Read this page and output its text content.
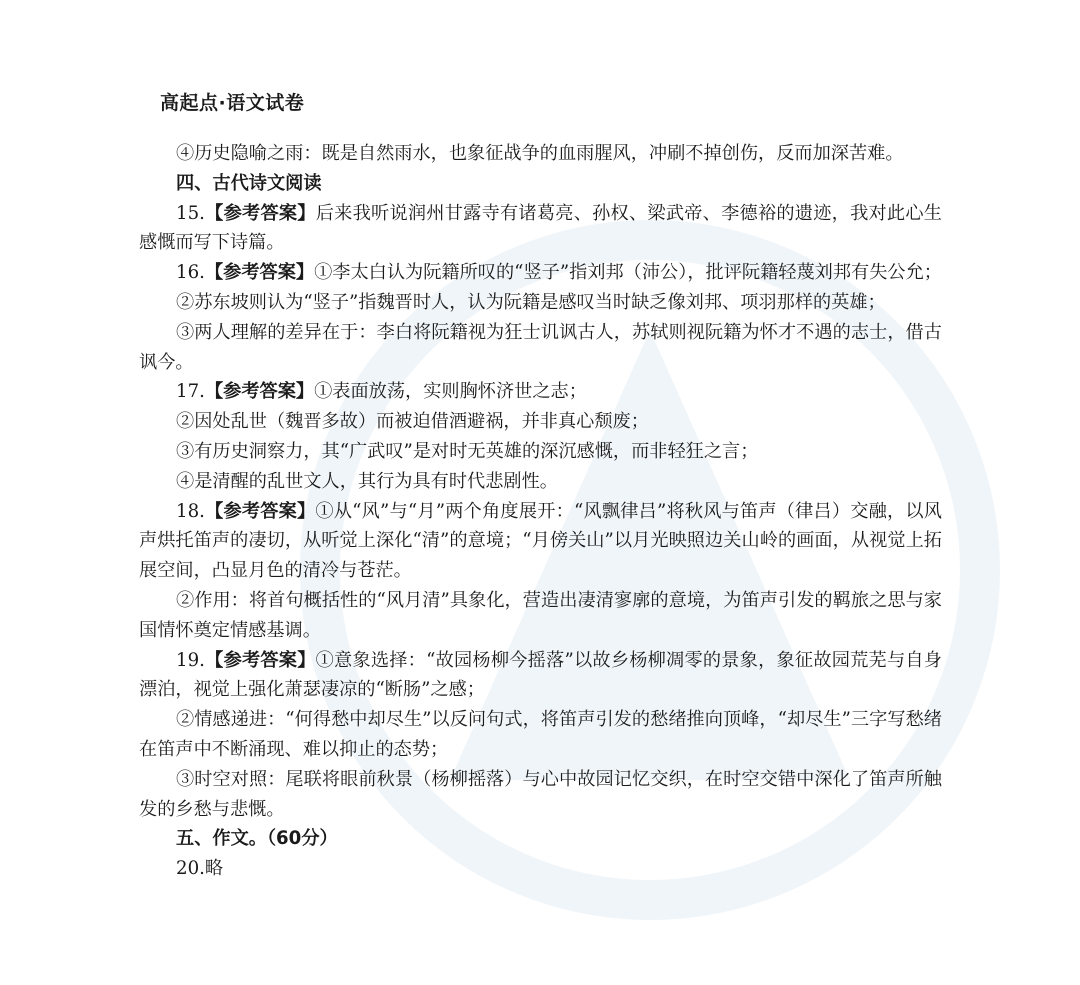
高起点·语文试卷

④历史隐喻之雨：既是自然雨水，也象征战争的血雨腥风，冲刷不掉创伤，反而加深苦难。

四、古代诗文阅读

15.【参考答案】后来我听说润州甘露寺有诸葛亮、孙权、梁武帝、李德裕的遗迹，我对此心生感慨而写下诗篇。

16.【参考答案】①李太白认为阮籍所叹的“竖子”指刘邦（沛公），批评阮籍轻蔑刘邦有失公允；

②苏东坡则认为“竖子”指魏晋时人，认为阮籍是感叹当时缺乏像刘邦、项羽那样的英雄；

③两人理解的差异在于：李白将阮籍视为狂士讥讽古人，苏轼则视阮籍为怀才不遇的志士，借古讽今。

17.【参考答案】①表面放荡，实则胸怀济世之志；

②因处乱世（魏晋多故）而被迫借酒避祸，并非真心颓废；

③有历史洞察力，其“广武叹”是对时无英雄的深沉感慨，而非轻狂之言；

④是清醒的乱世文人，其行为具有时代悲剧性。

18.【参考答案】①从“风”与“月”两个角度展开：“风飘律吕”将秋风与笛声（律吕）交融，以风声烘托笛声的凄切，从听觉上深化“清”的意境；“月傍关山”以月光映照边关山岭的画面，从视觉上拓展空间，凸显月色的清冷与苍茫。

②作用：将首句概括性的“风月清”具象化，营造出凄清寥廓的意境，为笛声引发的羁旅之思与家国情怀奠定情感基调。

19.【参考答案】①意象选择：“故园杨柳今摇落”以故乡杨柳凋零的景象，象征故园荒芜与自身漂泊，视觉上强化萧瑟凄凉的“断肠”之感；

②情感递进：“何得愁中却尽生”以反问句式，将笛声引发的愁绪推向顶峰，“却尽生”三字写愁绪在笛声中不断涌现、难以抑止的态势；

③时空对照：尾联将眼前秋景（杨柳摇落）与心中故园记忆交织，在时空交错中深化了笛声所触发的乡愁与悲慨。

五、作文。（60分）

20.略
